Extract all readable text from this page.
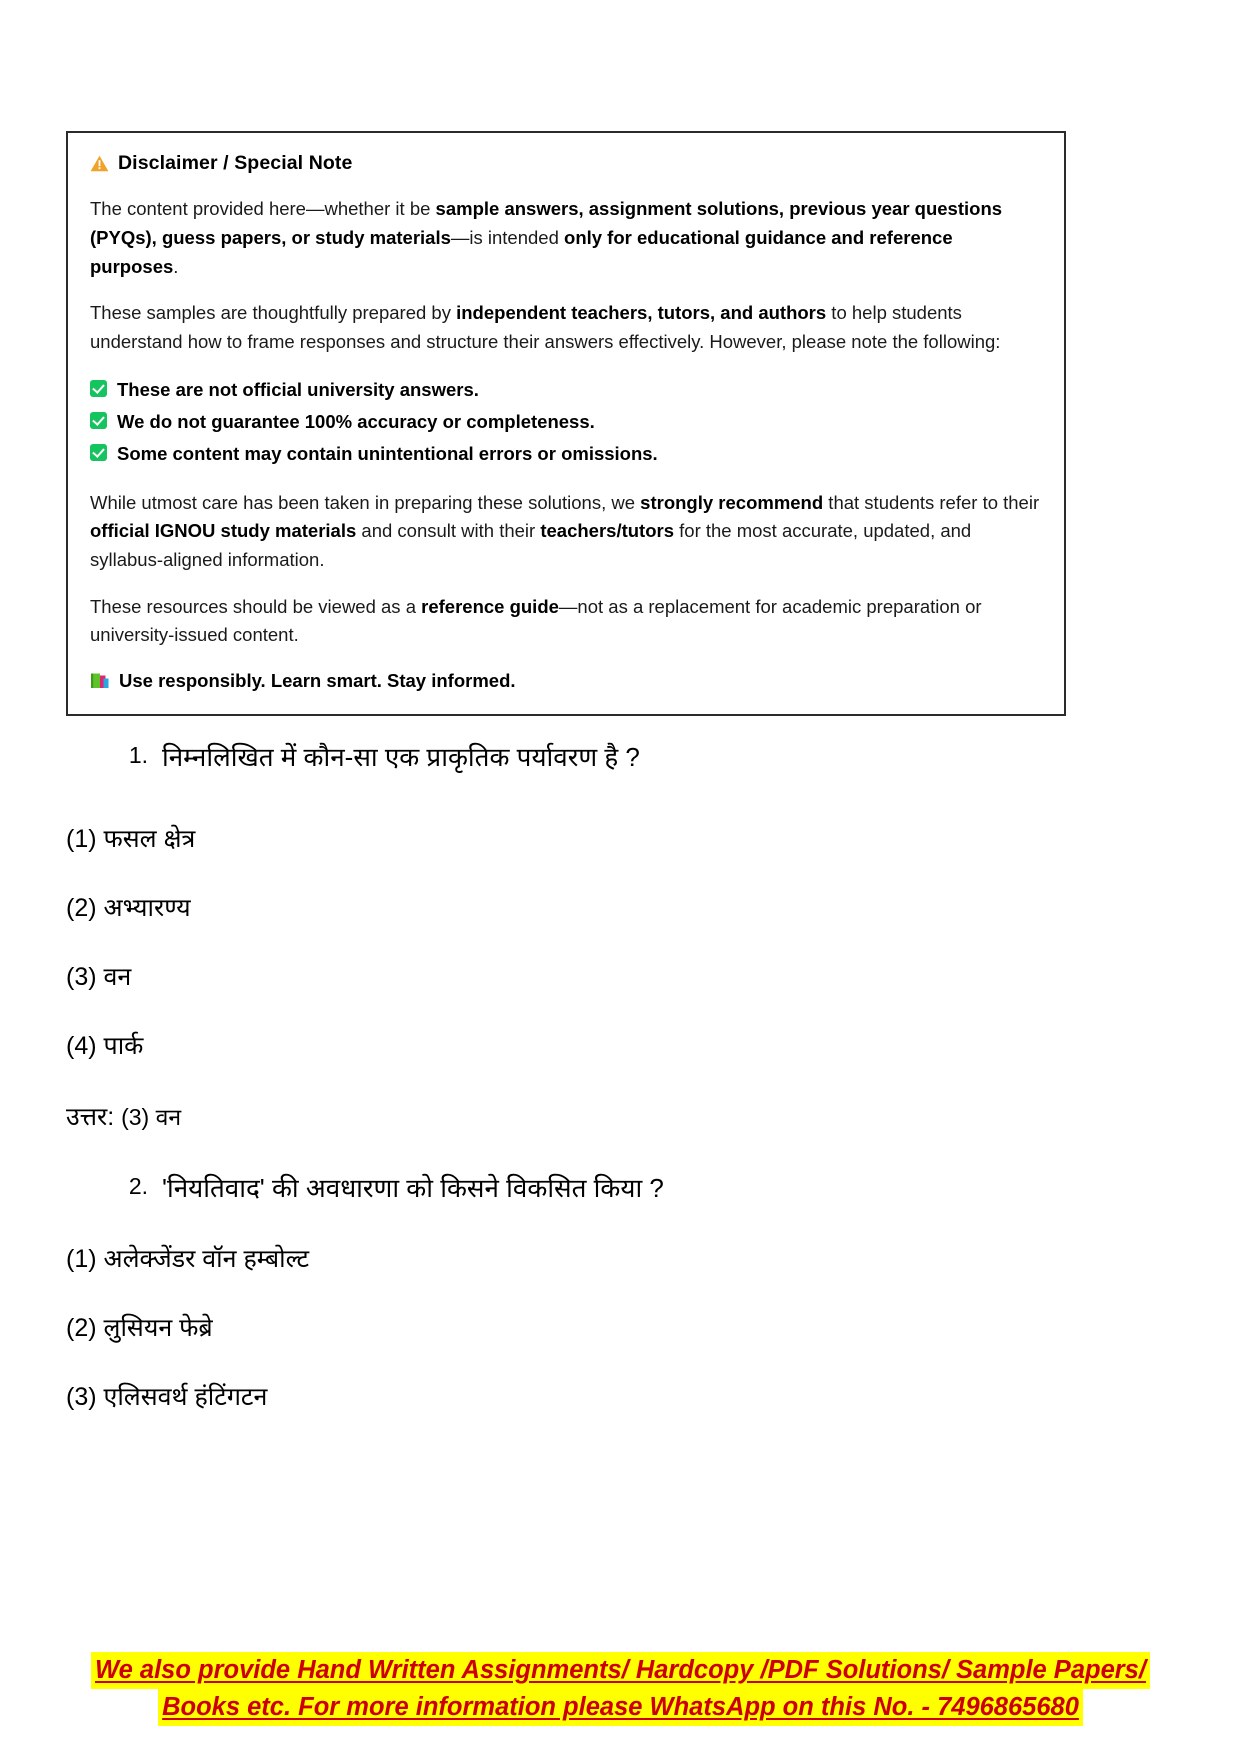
Disclaimer / Special Note

The content provided here—whether it be sample answers, assignment solutions, previous year questions (PYQs), guess papers, or study materials—is intended only for educational guidance and reference purposes.

These samples are thoughtfully prepared by independent teachers, tutors, and authors to help students understand how to frame responses and structure their answers effectively. However, please note the following:

These are not official university answers.
We do not guarantee 100% accuracy or completeness.
Some content may contain unintentional errors or omissions.

While utmost care has been taken in preparing these solutions, we strongly recommend that students refer to their official IGNOU study materials and consult with their teachers/tutors for the most accurate, updated, and syllabus-aligned information.

These resources should be viewed as a reference guide—not as a replacement for academic preparation or university-issued content.

Use responsibly. Learn smart. Stay informed.

1. निम्नलिखित में कौन-सा एक प्राकृतिक पर्यावरण है ?
(1) फसल क्षेत्र
(2) अभ्यारण्य
(3) वन
(4) पार्क
उत्तर: (3) वन
2. 'नियतिवाद' की अवधारणा को किसने विकसित किया ?
(1) अलेक्जेंडर वॉन हम्बोल्ट
(2) लुसियन फेब्रे
(3) एलिसवर्थ हंटिंगटन
We also provide Hand Written Assignments/ Hardcopy /PDF Solutions/ Sample Papers/
Books etc. For more information please WhatsApp on this No. - 7496865680
